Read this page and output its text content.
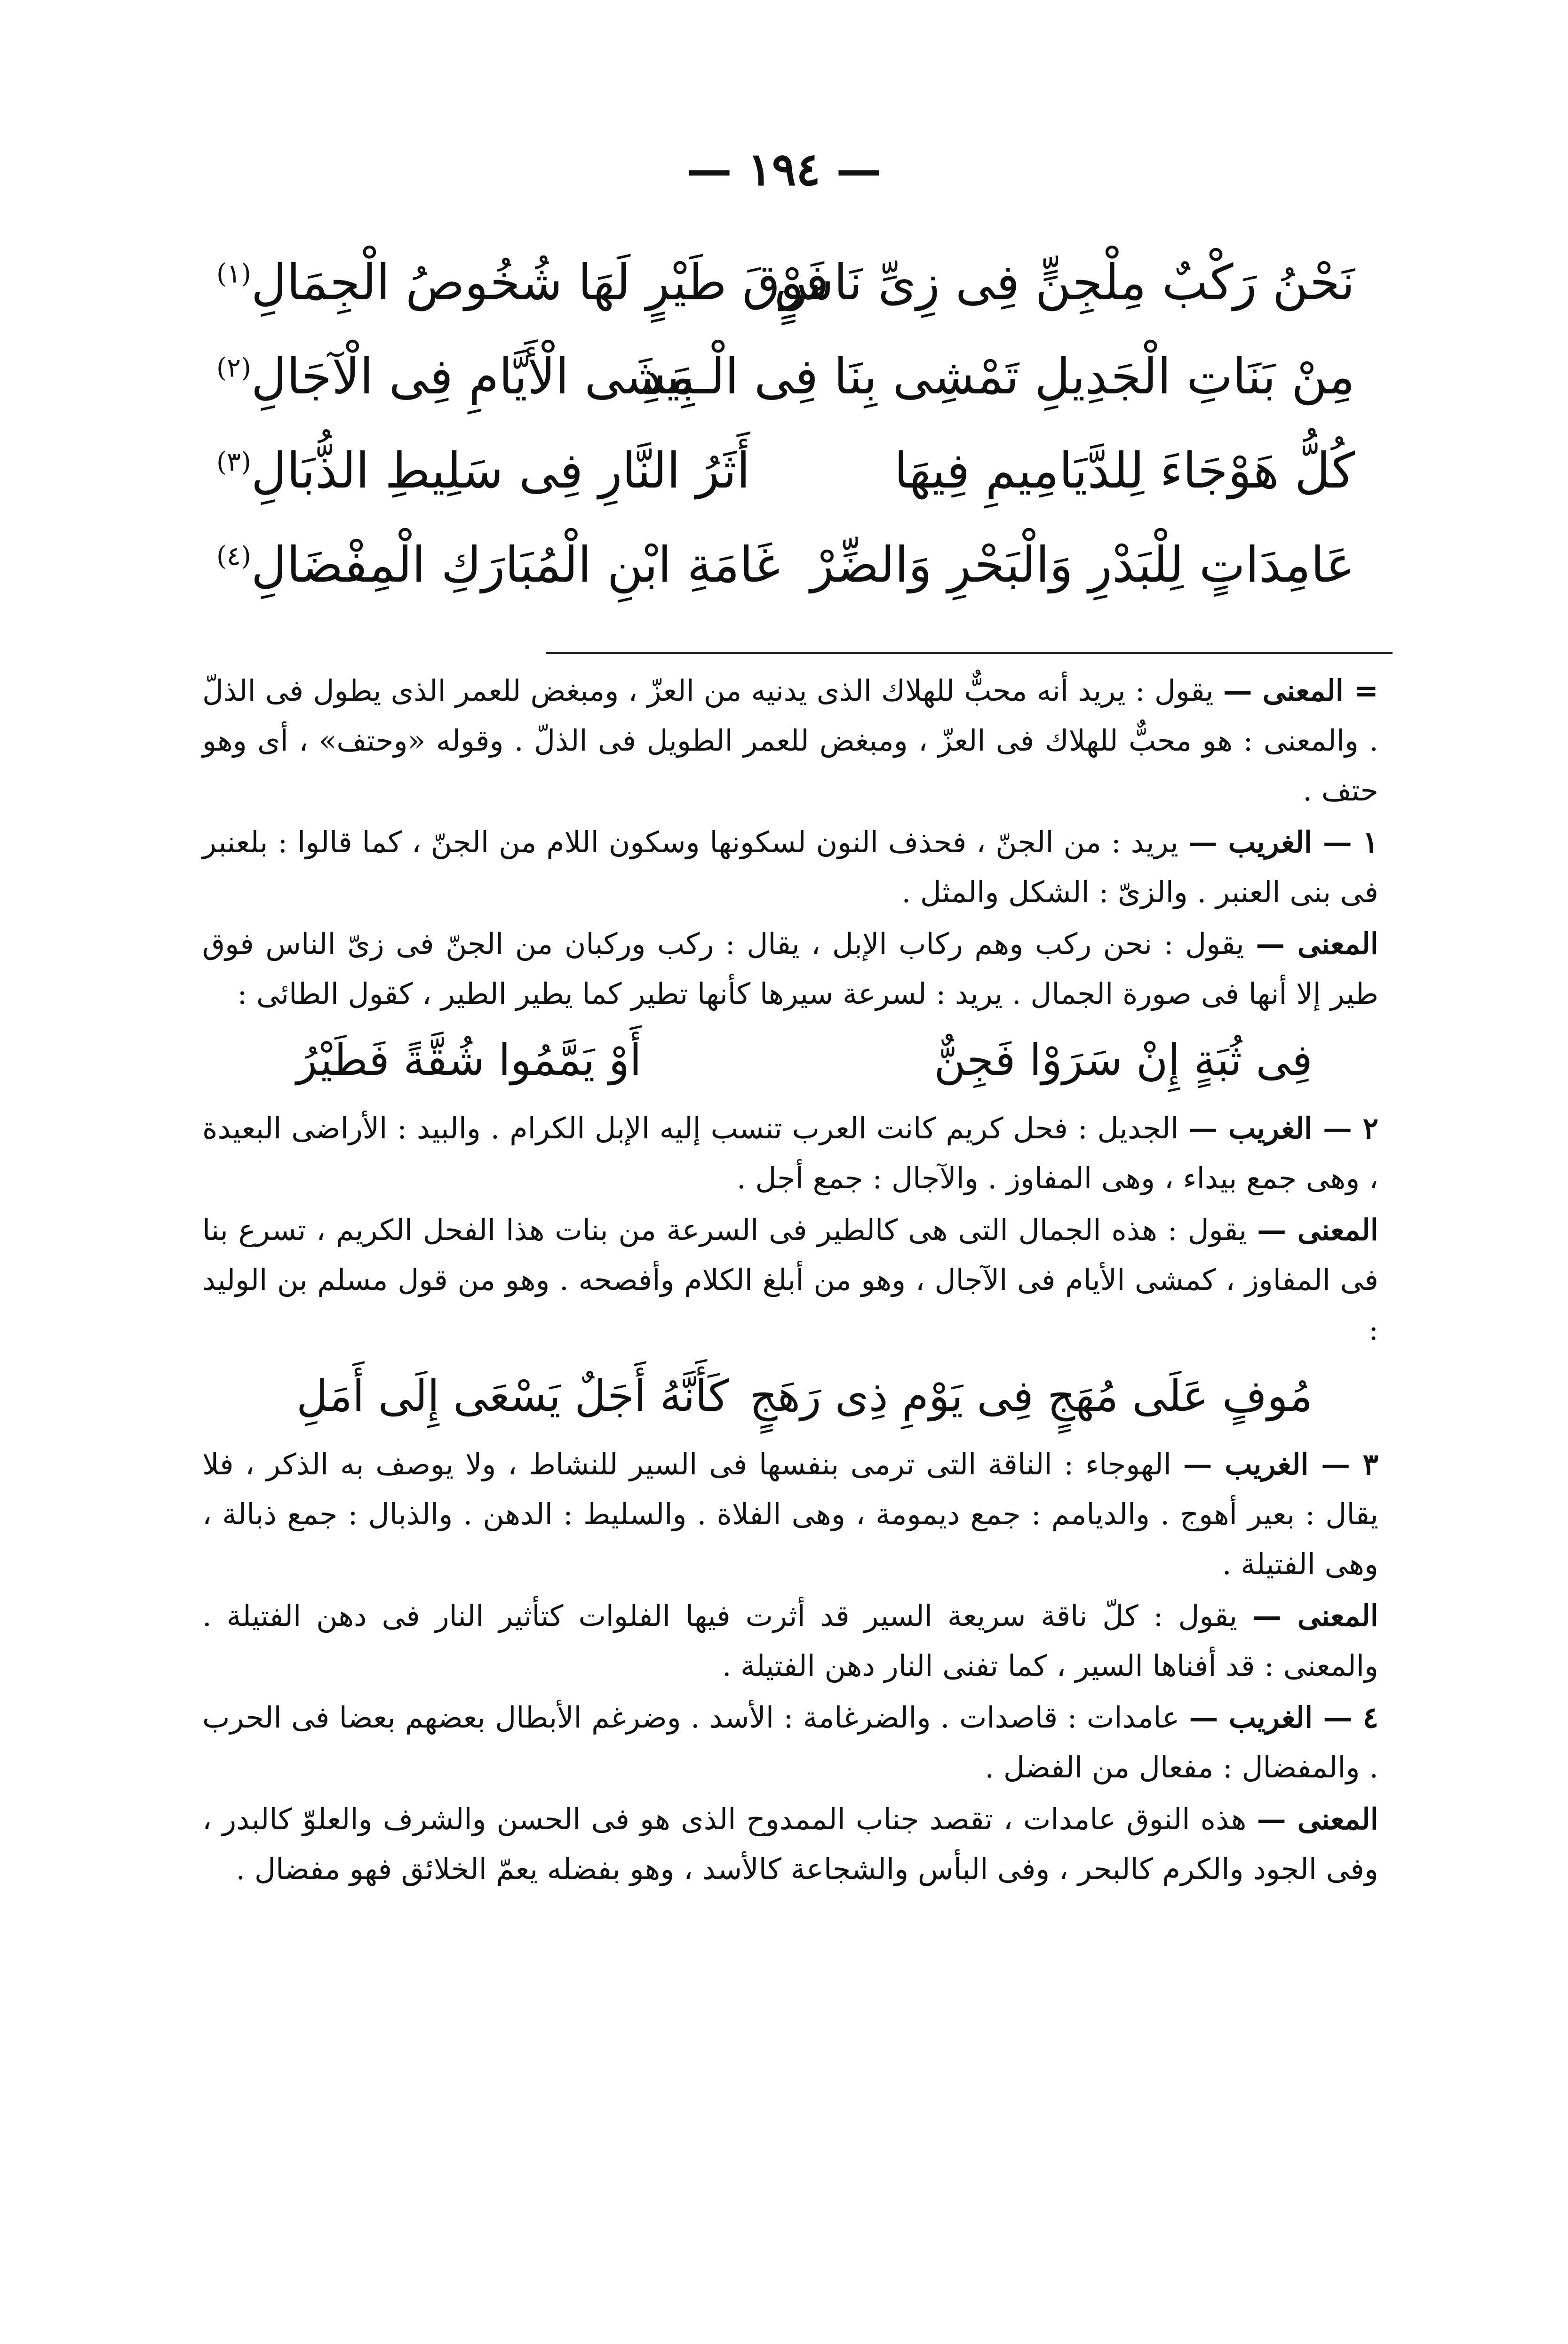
— ١٩٤ —
نَحْنُ رَكْبٌ مِلْجِنٍّ فِى زِىِّ نَاسٍ
فَوْقَ طَيْرٍ لَهَا شُخُوصُ الْجِمَالِ$^{(١)}$
مِنْ بَنَاتِ الْجَدِيلِ تَمْشِى بِنَا فِى الْـبِيدِ
مَشَى الْأَيَّامِ فِى الْآجَالِ$^{(٢)}$
كُلُّ هَوْجَاءَ لِلدَّيَامِيمِ فِيهَا
أَثَرُ النَّارِ فِى سَلِيطِ الذُّبَالِ$^{(٣)}$
عَامِدَاتٍ لِلْبَدْرِ وَالْبَحْرِ وَالضِّرْ
غَامَةِ ابْنِ الْمُبَارَكِ الْمِفْضَالِ$^{(٤)}$

= المعنى — يقول : يريد أنه محبٌّ للهلاك الذى يدنيه من العزّ ، ومبغض للعمر الذى يطول فى الذلّ . والمعنى : هو محبٌّ للهلاك فى العزّ ، ومبغض للعمر الطويل فى الذلّ . وقوله «وحتف» ، أى وهو حتف .

١ — الغريب — يريد : من الجنّ ، فحذف النون لسكونها وسكون اللام من الجنّ ، كما قالوا : بلعنبر فى بنى العنبر . والزىّ : الشكل والمثل .

المعنى — يقول : نحن ركب وهم ركاب الإبل ، يقال : ركب وركبان من الجنّ فى زىّ الناس فوق طير إلا أنها فى صورة الجمال . يريد : لسرعة سيرها كأنها تطير كما يطير الطير ، كقول الطائى :

فِى ثُبَةٍ إِنْ سَرَوْا فَجِنٌّ
أَوْ يَمَّمُوا شُقَّةً فَطَيْرُ

٢ — الغريب — الجديل : فحل كريم كانت العرب تنسب إليه الإبل الكرام . والبيد : الأراضى البعيدة ، وهى جمع بيداء ، وهى المفاوز . والآجال : جمع أجل .

المعنى — يقول : هذه الجمال التى هى كالطير فى السرعة من بنات هذا الفحل الكريم ، تسرع بنا فى المفاوز ، كمشى الأيام فى الآجال ، وهو من أبلغ الكلام وأفصحه . وهو من قول مسلم بن الوليد :

مُوفٍ عَلَى مُهَجٍ فِى يَوْمِ ذِى رَهَجٍ
كَأَنَّهُ أَجَلٌ يَسْعَى إِلَى أَمَلِ

٣ — الغريب — الهوجاء : الناقة التى ترمى بنفسها فى السير للنشاط ، ولا يوصف به الذكر ، فلا يقال : بعير أهوج . والديامم : جمع ديمومة ، وهى الفلاة . والسليط : الدهن . والذبال : جمع ذبالة ، وهى الفتيلة .

المعنى — يقول : كلّ ناقة سريعة السير قد أثرت فيها الفلوات كتأثير النار فى دهن الفتيلة . والمعنى : قد أفناها السير ، كما تفنى النار دهن الفتيلة .

٤ — الغريب — عامدات : قاصدات . والضرغامة : الأسد . وضرغم الأبطال بعضهم بعضا فى الحرب . والمفضال : مفعال من الفضل .

المعنى — هذه النوق عامدات ، تقصد جناب الممدوح الذى هو فى الحسن والشرف والعلوّ كالبدر ، وفى الجود والكرم كالبحر ، وفى البأس والشجاعة كالأسد ، وهو بفضله يعمّ الخلائق فهو مفضال .
